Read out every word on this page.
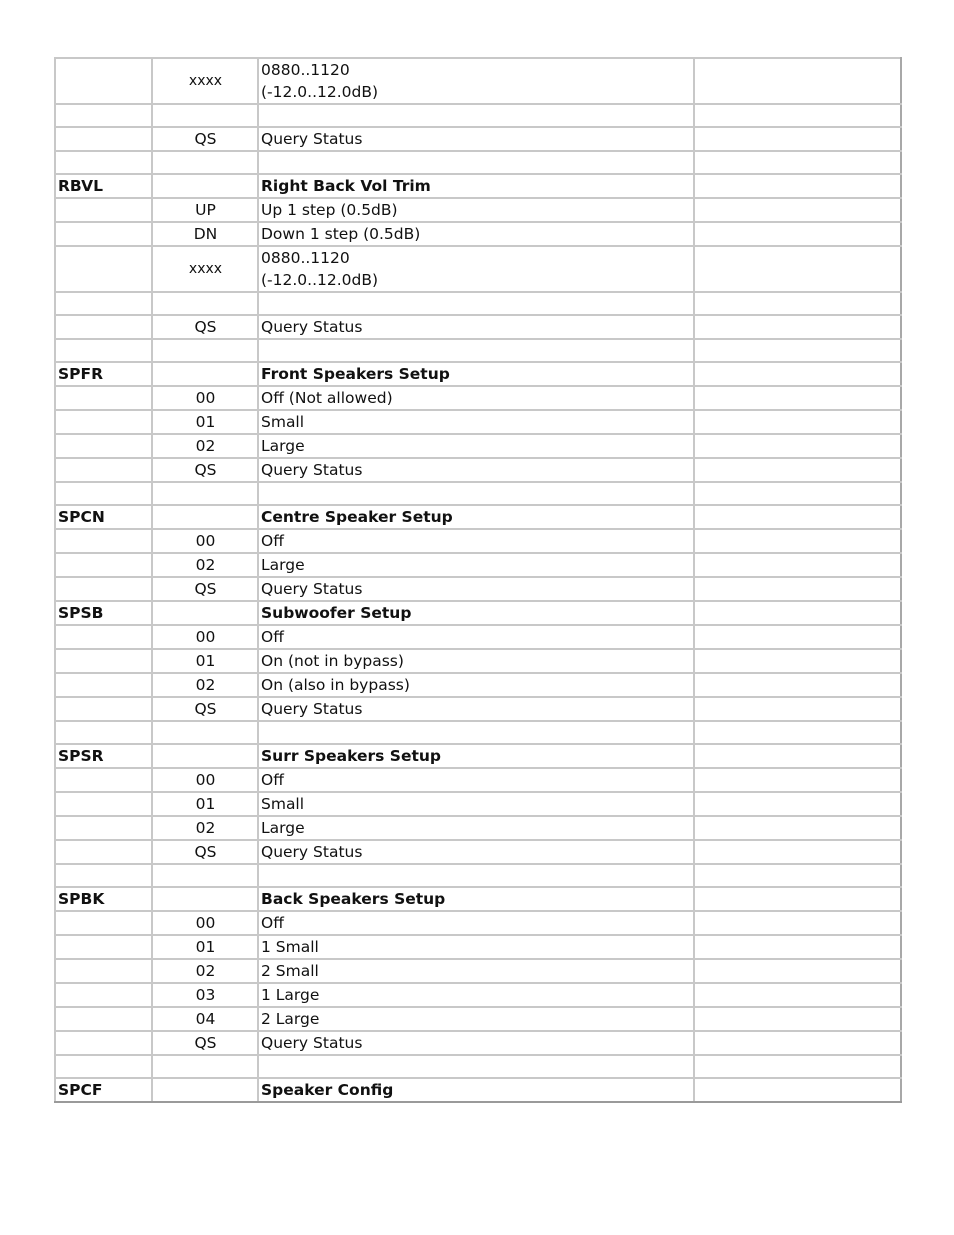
	xxxx	0880..1120
(-12.0..12.0dB)	

	QS	Query Status	

RBVL		Right Back Vol Trim	
	UP	Up 1 step (0.5dB)	
	DN	Down 1 step (0.5dB)	
	xxxx	0880..1120
(-12.0..12.0dB)	

	QS	Query Status	

SPFR		Front Speakers Setup	
	00	Off (Not allowed)	
	01	Small	
	02	Large	
	QS	Query Status	

SPCN		Centre Speaker Setup	
	00	Off	
	02	Large	
	QS	Query Status	
SPSB		Subwoofer Setup	
	00	Off	
	01	On (not in bypass)	
	02	On (also in bypass)	
	QS	Query Status	

SPSR		Surr Speakers Setup	
	00	Off	
	01	Small	
	02	Large	
	QS	Query Status	

SPBK		Back Speakers Setup	
	00	Off	
	01	1 Small	
	02	2 Small	
	03	1 Large	
	04	2 Large	
	QS	Query Status	

SPCF		Speaker Config	
